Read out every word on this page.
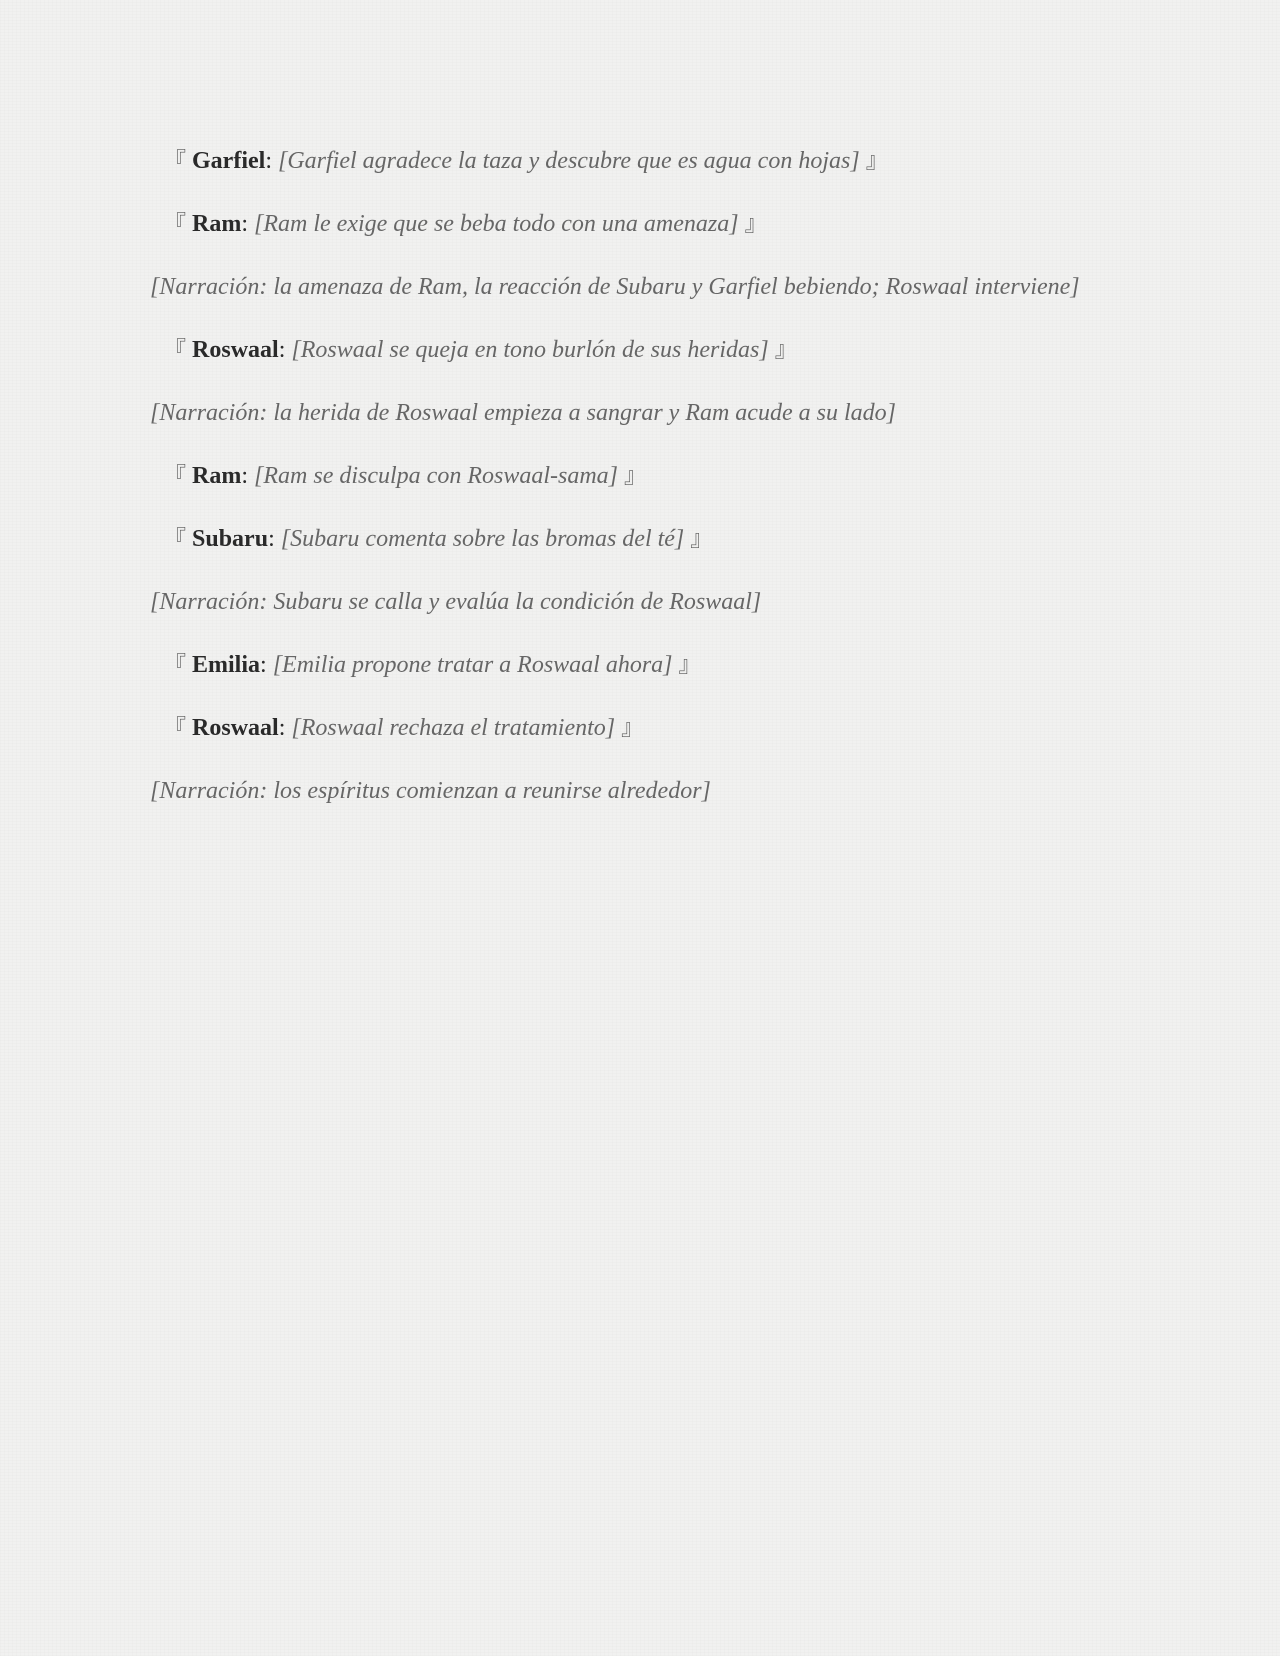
『 Garfiel: [Garfiel agradece la taza y descubre que es agua con hojas] 』

『 Ram: [Ram le exige que se beba todo con una amenaza] 』

[Narración: la amenaza de Ram, la reacción de Subaru y Garfiel bebiendo; Roswaal interviene]

『 Roswaal: [Roswaal se queja en tono burlón de sus heridas] 』

[Narración: la herida de Roswaal empieza a sangrar y Ram acude a su lado]

『 Ram: [Ram se disculpa con Roswaal-sama] 』

『 Subaru: [Subaru comenta sobre las bromas del té] 』

[Narración: Subaru se calla y evalúa la condición de Roswaal]

『 Emilia: [Emilia propone tratar a Roswaal ahora] 』

『 Roswaal: [Roswaal rechaza el tratamiento] 』

[Narración: los espíritus comienzan a reunirse alrededor]
